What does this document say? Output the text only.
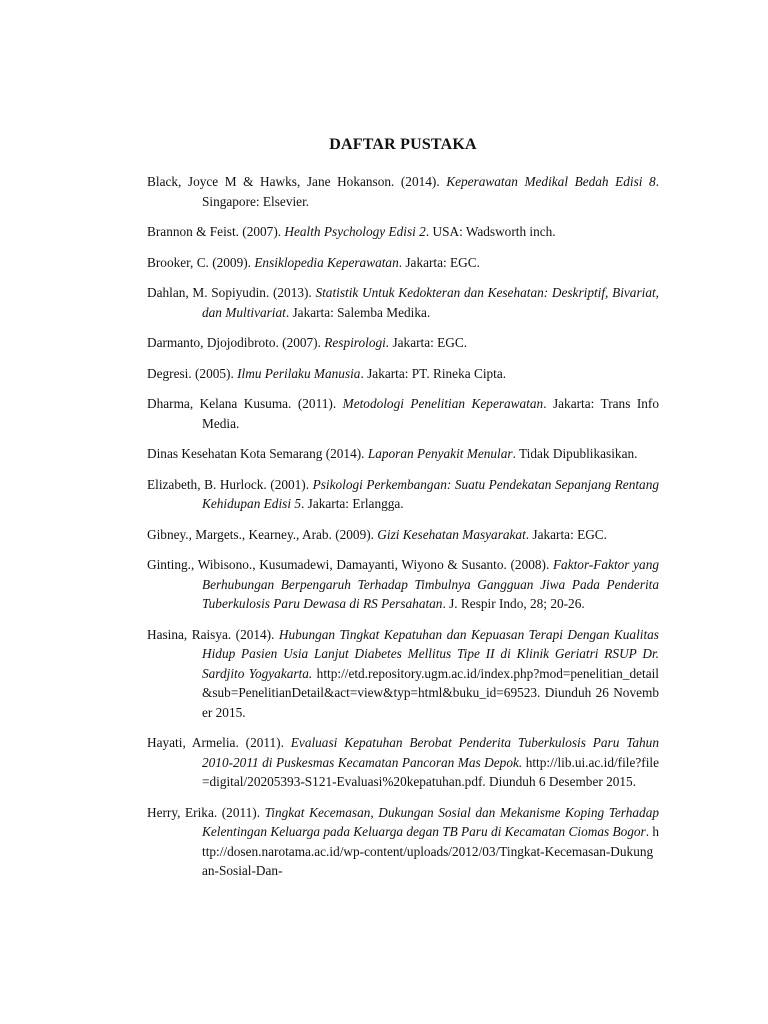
DAFTAR PUSTAKA
Black, Joyce M & Hawks, Jane Hokanson. (2014). Keperawatan Medikal Bedah Edisi 8. Singapore: Elsevier.
Brannon & Feist. (2007). Health Psychology Edisi 2. USA: Wadsworth inch.
Brooker, C. (2009). Ensiklopedia Keperawatan. Jakarta: EGC.
Dahlan, M. Sopiyudin. (2013). Statistik Untuk Kedokteran dan Kesehatan: Deskriptif, Bivariat, dan Multivariat. Jakarta: Salemba Medika.
Darmanto, Djojodibroto. (2007). Respirologi. Jakarta: EGC.
Degresi. (2005). Ilmu Perilaku Manusia. Jakarta: PT. Rineka Cipta.
Dharma, Kelana Kusuma. (2011). Metodologi Penelitian Keperawatan. Jakarta: Trans Info Media.
Dinas Kesehatan Kota Semarang (2014). Laporan Penyakit Menular. Tidak Dipublikasikan.
Elizabeth, B. Hurlock. (2001). Psikologi Perkembangan: Suatu Pendekatan Sepanjang Rentang Kehidupan Edisi 5. Jakarta: Erlangga.
Gibney., Margets., Kearney., Arab. (2009). Gizi Kesehatan Masyarakat. Jakarta: EGC.
Ginting., Wibisono., Kusumadewi, Damayanti, Wiyono & Susanto. (2008). Faktor-Faktor yang Berhubungan Berpengaruh Terhadap Timbulnya Gangguan Jiwa Pada Penderita Tuberkulosis Paru Dewasa di RS Persahatan. J. Respir Indo, 28; 20-26.
Hasina, Raisya. (2014). Hubungan Tingkat Kepatuhan dan Kepuasan Terapi Dengan Kualitas Hidup Pasien Usia Lanjut Diabetes Mellitus Tipe II di Klinik Geriatri RSUP Dr. Sardjito Yogyakarta. http://etd.repository.ugm.ac.id/index.php?mod=penelitian_detail&sub=PenelitianDetail&act=view&typ=html&buku_id=69523. Diunduh 26 November 2015.
Hayati, Armelia. (2011). Evaluasi Kepatuhan Berobat Penderita Tuberkulosis Paru Tahun 2010-2011 di Puskesmas Kecamatan Pancoran Mas Depok. http://lib.ui.ac.id/file?file=digital/20205393-S121-Evaluasi%20kepatuhan.pdf. Diunduh 6 Desember 2015.
Herry, Erika. (2011). Tingkat Kecemasan, Dukungan Sosial dan Mekanisme Koping Terhadap Kelentingan Keluarga pada Keluarga degan TB Paru di Kecamatan Ciomas Bogor. http://dosen.narotama.ac.id/wp-content/uploads/2012/03/Tingkat-Kecemasan-Dukungan-Sosial-Dan-
